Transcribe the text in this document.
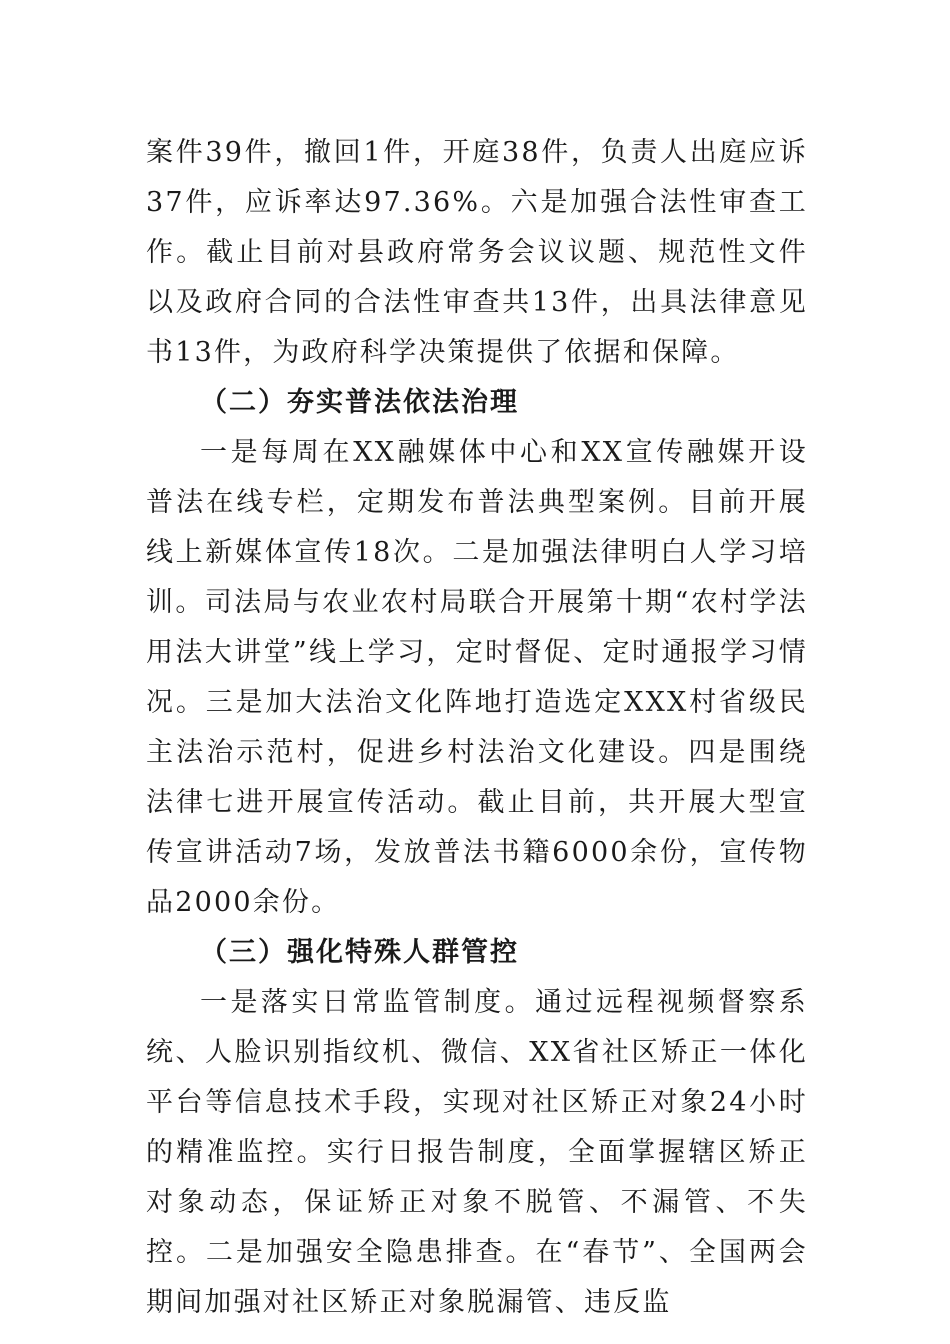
案件39件，撤回1件，开庭38件，负责人出庭应诉37件，应诉率达97.36%。六是加强合法性审查工作。截止目前对县政府常务会议议题、规范性文件以及政府合同的合法性审查共13件，出具法律意见书13件，为政府科学决策提供了依据和保障。

（二）夯实普法依法治理

一是每周在XX融媒体中心和XX宣传融媒开设普法在线专栏，定期发布普法典型案例。目前开展线上新媒体宣传18次。二是加强法律明白人学习培训。司法局与农业农村局联合开展第十期“农村学法用法大讲堂”线上学习，定时督促、定时通报学习情况。三是加大法治文化阵地打造选定XXX村省级民主法治示范村，促进乡村法治文化建设。四是围绕法律七进开展宣传活动。截止目前，共开展大型宣传宣讲活动7场，发放普法书籍6000余份，宣传物品2000余份。

（三）强化特殊人群管控

一是落实日常监管制度。通过远程视频督察系统、人脸识别指纹机、微信、XX省社区矫正一体化平台等信息技术手段，实现对社区矫正对象24小时的精准监控。实行日报告制度，全面掌握辖区矫正对象动态，保证矫正对象不脱管、不漏管、不失控。二是加强安全隐患排查。在“春节”、全国两会期间加强对社区矫正对象脱漏管、违反监
